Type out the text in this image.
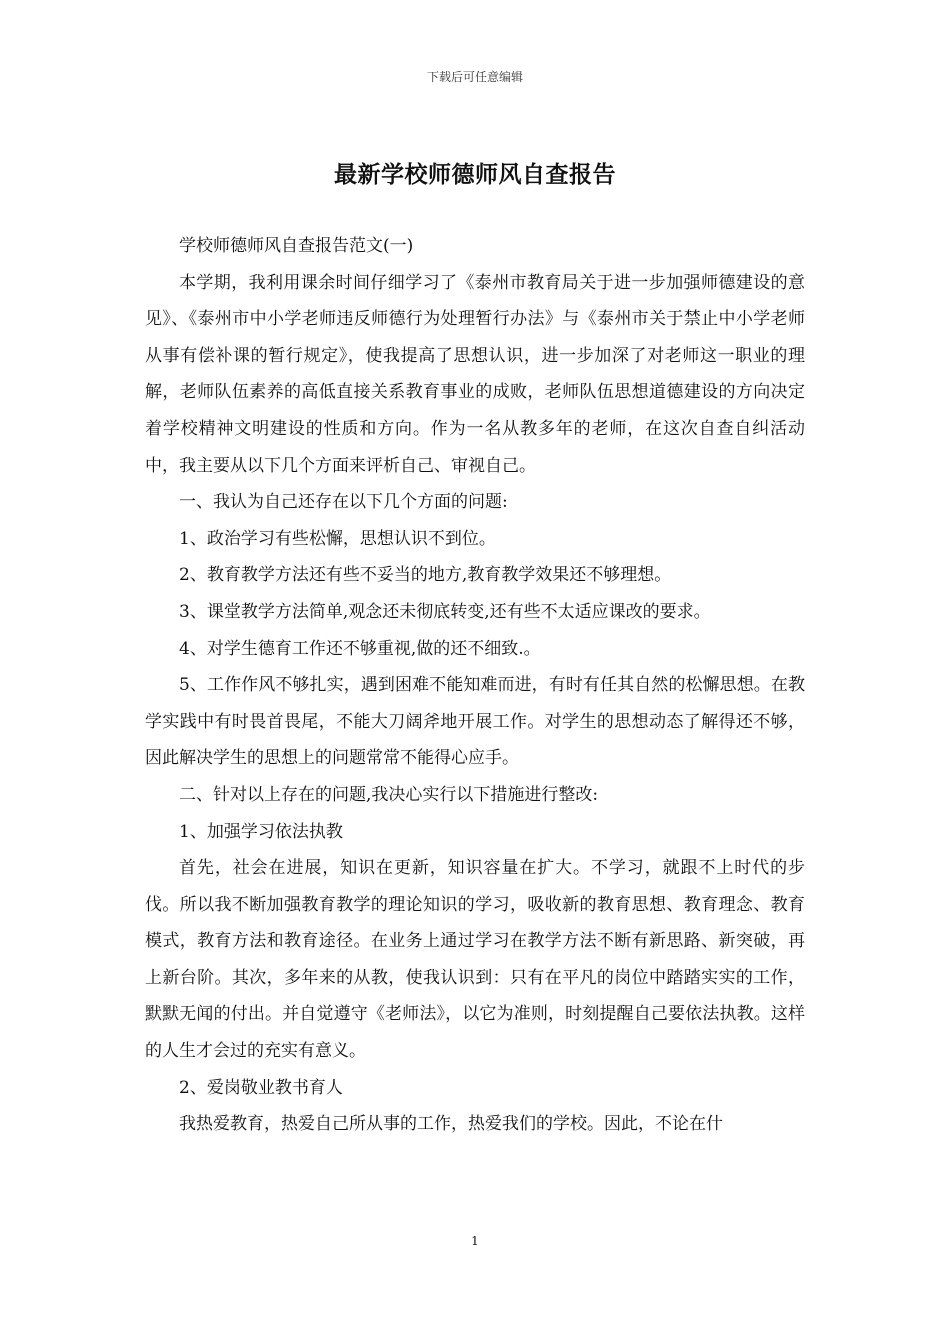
下载后可任意编辑
最新学校师德师风自查报告

学校师德师风自查报告范文(一)

本学期，我利用课余时间仔细学习了《泰州市教育局关于进一步加强师德建设的意见》、《泰州市中小学老师违反师德行为处理暂行办法》与《泰州市关于禁止中小学老师从事有偿补课的暂行规定》，使我提高了思想认识，进一步加深了对老师这一职业的理解，老师队伍素养的高低直接关系教育事业的成败，老师队伍思想道德建设的方向决定着学校精神文明建设的性质和方向。作为一名从教多年的老师，在这次自查自纠活动中，我主要从以下几个方面来评析自己、审视自己。

一、我认为自己还存在以下几个方面的问题:

1、政治学习有些松懈，思想认识不到位。

2、教育教学方法还有些不妥当的地方,教育教学效果还不够理想。

3、课堂教学方法简单,观念还未彻底转变,还有些不太适应课改的要求。

4、对学生德育工作还不够重视,做的还不细致.。

5、工作作风不够扎实，遇到困难不能知难而进，有时有任其自然的松懈思想。在教学实践中有时畏首畏尾，不能大刀阔斧地开展工作。对学生的思想动态了解得还不够，因此解决学生的思想上的问题常常不能得心应手。

二、针对以上存在的问题,我决心实行以下措施进行整改:

1、加强学习依法执教

首先，社会在进展，知识在更新，知识容量在扩大。不学习，就跟不上时代的步伐。所以我不断加强教育教学的理论知识的学习，吸收新的教育思想、教育理念、教育模式，教育方法和教育途径。在业务上通过学习在教学方法不断有新思路、新突破，再上新台阶。其次，多年来的从教，使我认识到：只有在平凡的岗位中踏踏实实的工作，默默无闻的付出。并自觉遵守《老师法》，以它为准则，时刻提醒自己要依法执教。这样的人生才会过的充实有意义。

2、爱岗敬业教书育人

我热爱教育，热爱自己所从事的工作，热爱我们的学校。因此，不论在什

1
